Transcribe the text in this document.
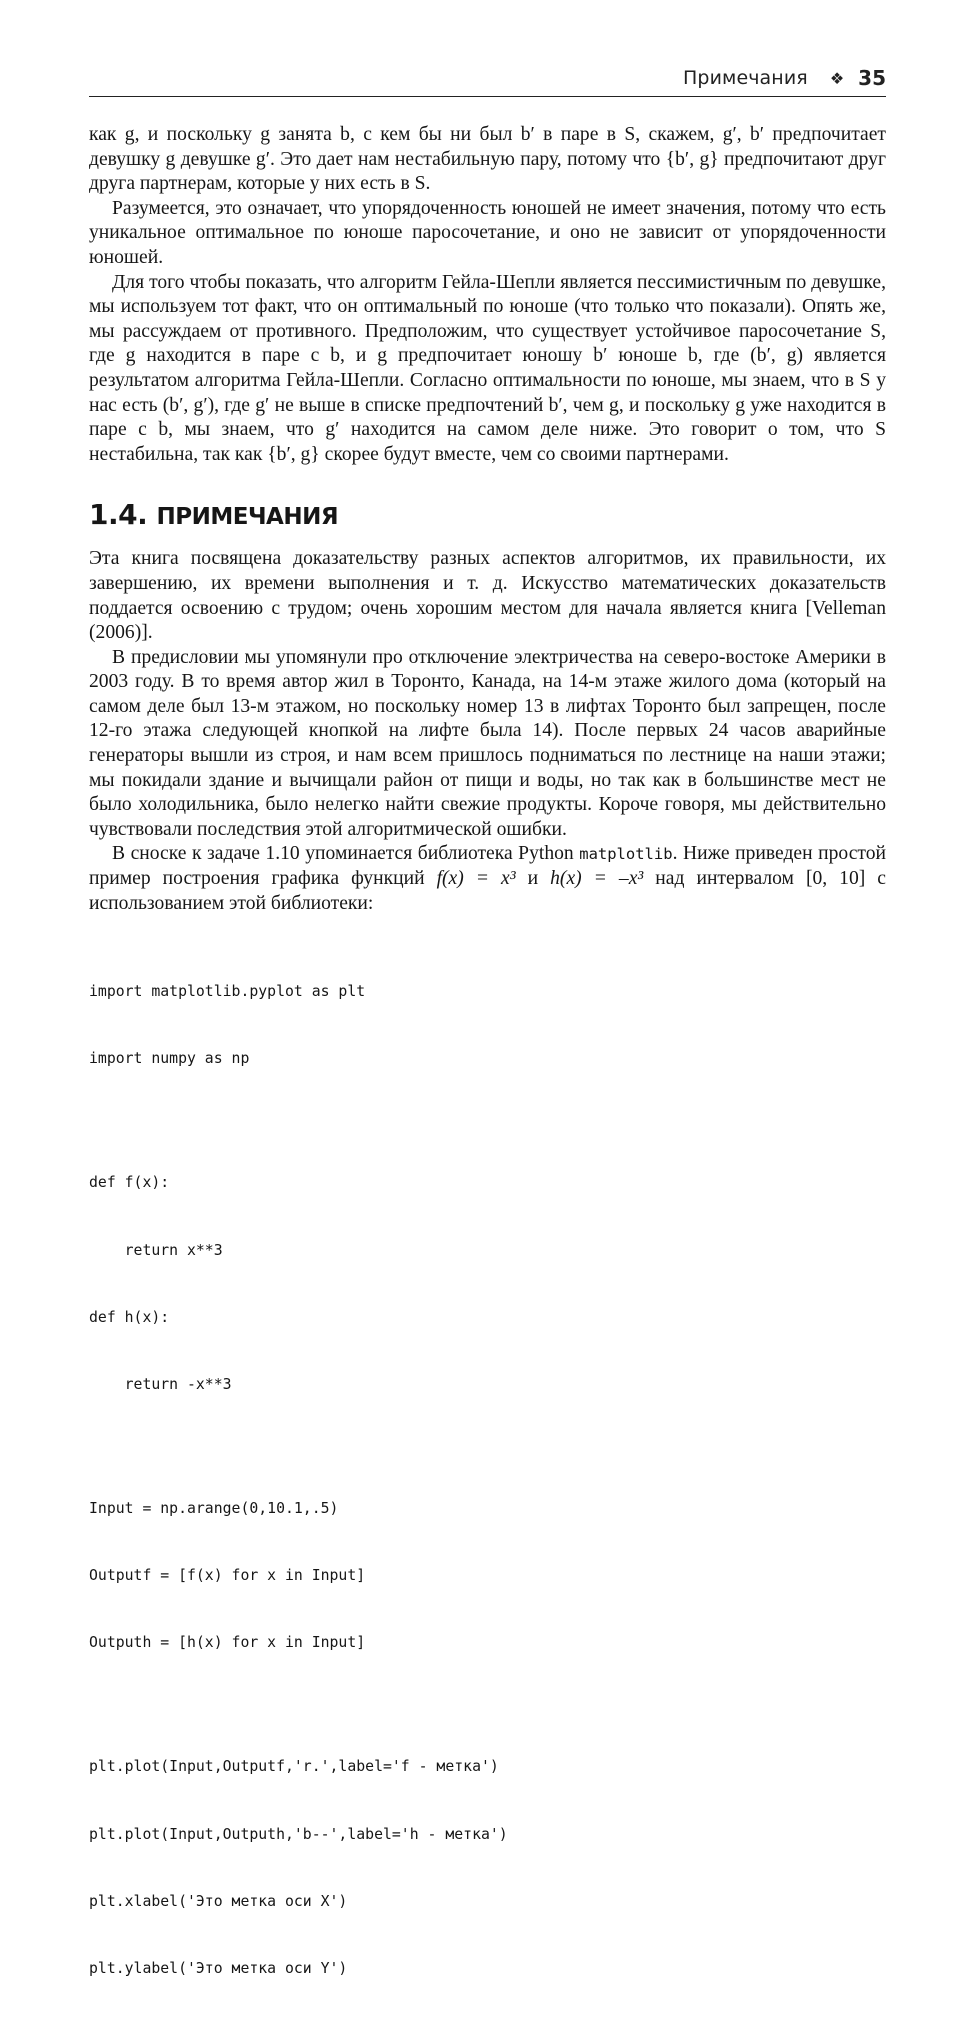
Примечания ❖ 35

как g, и поскольку g занята b, с кем бы ни был b′ в паре в S, скажем, g′, b′ предпочитает девушку g девушке g′. Это дает нам нестабильную пару, потому что {b′, g} предпочитают друг друга партнерам, которые у них есть в S.

Разумеется, это означает, что упорядоченность юношей не имеет значения, потому что есть уникальное оптимальное по юноше паросочетание, и оно не зависит от упорядоченности юношей.

Для того чтобы показать, что алгоритм Гейла-Шепли является пессимистичным по девушке, мы используем тот факт, что он оптимальный по юноше (что только что показали). Опять же, мы рассуждаем от противного. Предположим, что существует устойчивое паросочетание S, где g находится в паре с b, и g предпочитает юношу b′ юноше b, где (b′, g) является результатом алгоритма Гейла-Шепли. Согласно оптимальности по юноше, мы знаем, что в S у нас есть (b′, g′), где g′ не выше в списке предпочтений b′, чем g, и поскольку g уже находится в паре с b, мы знаем, что g′ находится на самом деле ниже. Это говорит о том, что S нестабильна, так как {b′, g} скорее будут вместе, чем со своими партнерами.

1.4. ПРИМЕЧАНИЯ

Эта книга посвящена доказательству разных аспектов алгоритмов, их правильности, их завершению, их времени выполнения и т. д. Искусство математических доказательств поддается освоению с трудом; очень хорошим местом для начала является книга [Velleman (2006)].

В предисловии мы упомянули про отключение электричества на северо-востоке Америки в 2003 году. В то время автор жил в Торонто, Канада, на 14-м этаже жилого дома (который на самом деле был 13-м этажом, но поскольку номер 13 в лифтах Торонто был запрещен, после 12-го этажа следующей кнопкой на лифте была 14). После первых 24 часов аварийные генераторы вышли из строя, и нам всем пришлось подниматься по лестнице на наши этажи; мы покидали здание и вычищали район от пищи и воды, но так как в большинстве мест не было холодильника, было нелегко найти свежие продукты. Короче говоря, мы действительно чувствовали последствия этой алгоритмической ошибки.

В сноске к задаче 1.10 упоминается библиотека Python matplotlib. Ниже приведен простой пример построения графика функций f(x) = x³ и h(x) = –x³ над интервалом [0, 10] с использованием этой библиотеки:

import matplotlib.pyplot as plt

import numpy as np

def f(x):

return x**3

def h(x):

return -x**3

Input = np.arange(0,10.1,.5)

Outputf = [f(x) for x in Input]

Outputh = [h(x) for x in Input]

plt.plot(Input,Outputf,'r.',label='f - метка')

plt.plot(Input,Outputh,'b--',label='h - метка')

plt.xlabel('Это метка оси X')

plt.ylabel('Это метка оси Y')
